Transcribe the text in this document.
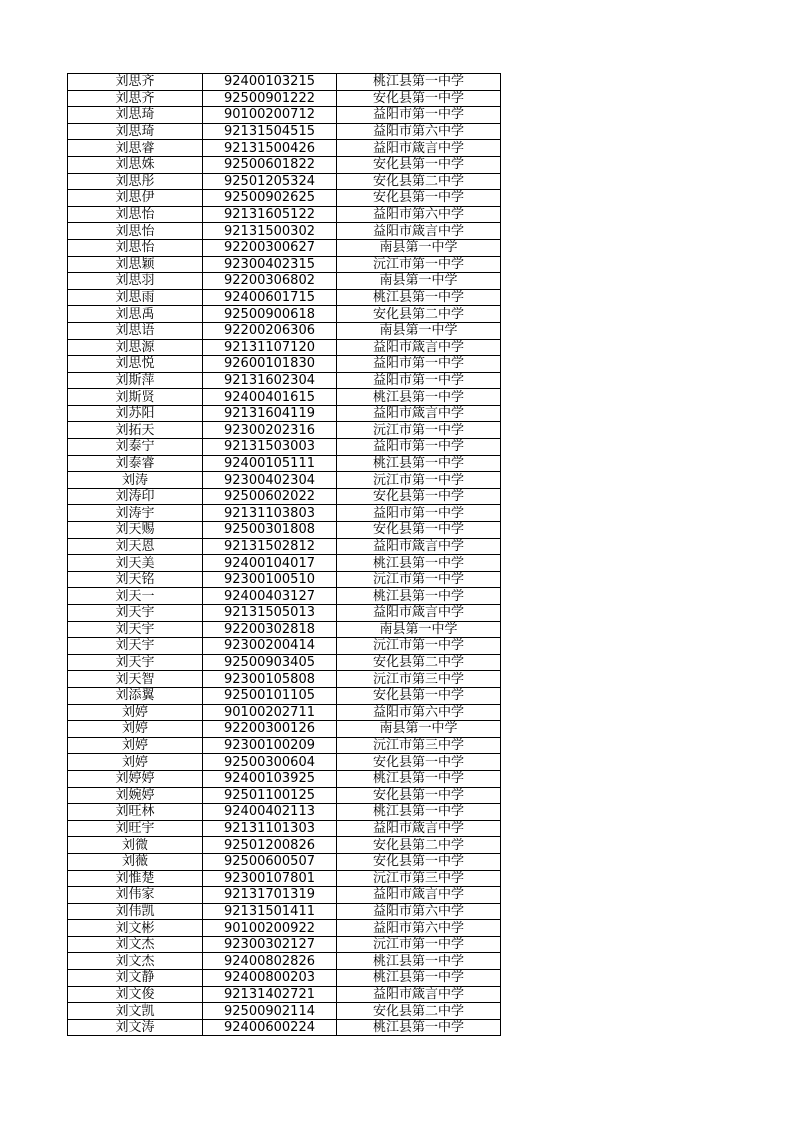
刘思齐	92400103215	桃江县第一中学
刘思齐	92500901222	安化县第一中学
刘思琦	90100200712	益阳市第一中学
刘思琦	92131504515	益阳市第六中学
刘思睿	92131500426	益阳市箴言中学
刘思姝	92500601822	安化县第一中学
刘思彤	92501205324	安化县第二中学
刘思伊	92500902625	安化县第一中学
刘思怡	92131605122	益阳市第六中学
刘思怡	92131500302	益阳市箴言中学
刘思怡	92200300627	南县第一中学
刘思颖	92300402315	沅江市第一中学
刘思羽	92200306802	南县第一中学
刘思雨	92400601715	桃江县第一中学
刘思禹	92500900618	安化县第二中学
刘思语	92200206306	南县第一中学
刘思源	92131107120	益阳市箴言中学
刘思悦	92600101830	益阳市第一中学
刘斯萍	92131602304	益阳市第一中学
刘斯贤	92400401615	桃江县第一中学
刘苏阳	92131604119	益阳市箴言中学
刘拓天	92300202316	沅江市第一中学
刘泰宁	92131503003	益阳市第一中学
刘泰睿	92400105111	桃江县第一中学
刘涛	92300402304	沅江市第一中学
刘涛印	92500602022	安化县第一中学
刘涛宇	92131103803	益阳市第一中学
刘天赐	92500301808	安化县第一中学
刘天恩	92131502812	益阳市箴言中学
刘天美	92400104017	桃江县第一中学
刘天铭	92300100510	沅江市第一中学
刘天一	92400403127	桃江县第一中学
刘天宇	92131505013	益阳市箴言中学
刘天宇	92200302818	南县第一中学
刘天宇	92300200414	沅江市第一中学
刘天宇	92500903405	安化县第二中学
刘天智	92300105808	沅江市第三中学
刘添翼	92500101105	安化县第一中学
刘婷	90100202711	益阳市第六中学
刘婷	92200300126	南县第一中学
刘婷	92300100209	沅江市第三中学
刘婷	92500300604	安化县第一中学
刘婷婷	92400103925	桃江县第一中学
刘婉婷	92501100125	安化县第一中学
刘旺林	92400402113	桃江县第一中学
刘旺宇	92131101303	益阳市箴言中学
刘微	92501200826	安化县第二中学
刘薇	92500600507	安化县第一中学
刘惟楚	92300107801	沅江市第三中学
刘伟家	92131701319	益阳市箴言中学
刘伟凯	92131501411	益阳市第六中学
刘文彬	90100200922	益阳市第六中学
刘文杰	92300302127	沅江市第一中学
刘文杰	92400802826	桃江县第一中学
刘文静	92400800203	桃江县第一中学
刘文俊	92131402721	益阳市箴言中学
刘文凯	92500902114	安化县第二中学
刘文涛	92400600224	桃江县第一中学
